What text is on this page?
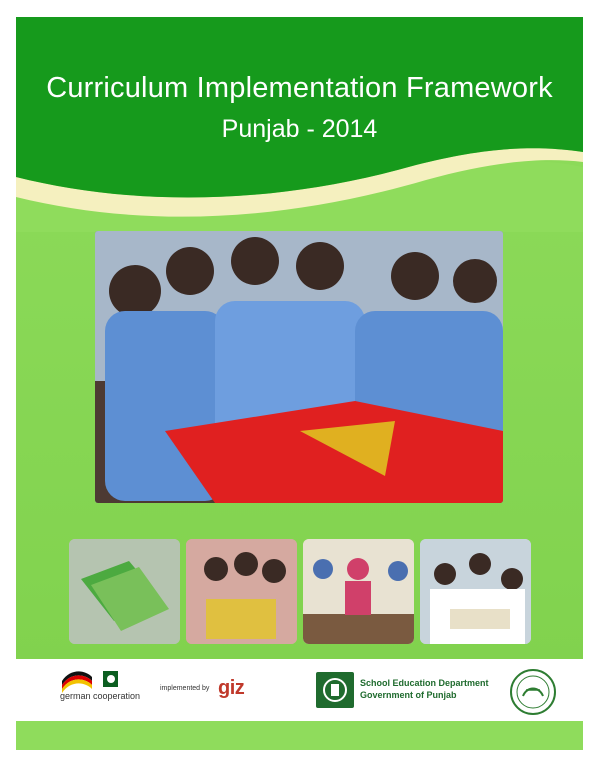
Curriculum Implementation Framework
Punjab - 2014
german cooperation
implemented by giz	School Education Department
Government of Punjab
